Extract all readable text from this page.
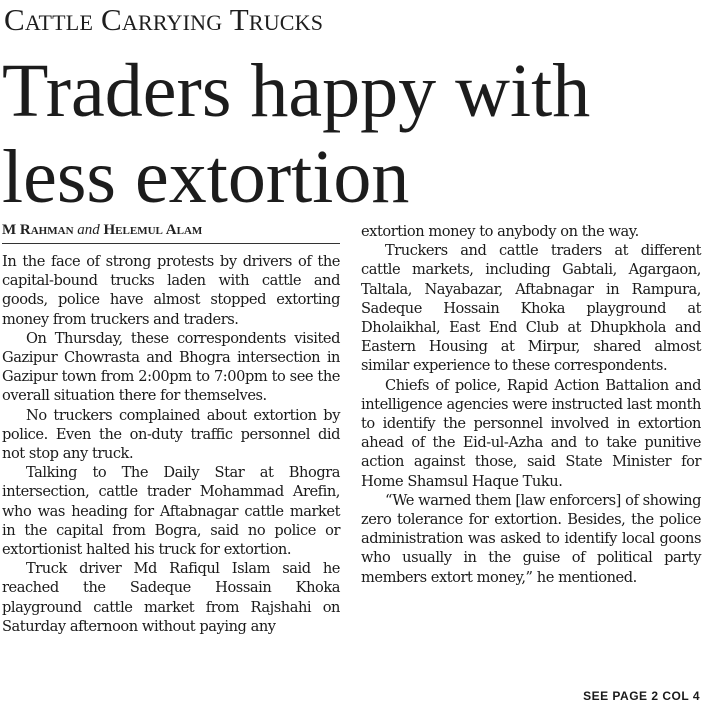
Cattle Carrying Trucks
Traders happy with less extortion
M Rahman and Helemul Alam

In the face of strong protests by drivers of the capital-bound trucks laden with cattle and goods, police have almost stopped extorting money from truckers and traders.

On Thursday, these correspondents visited Gazipur Chowrasta and Bhogra intersection in Gazipur town from 2:00pm to 7:00pm to see the overall situation there for themselves.

No truckers complained about extortion by police. Even the on-duty traffic personnel did not stop any truck.

Talking to The Daily Star at Bhogra intersection, cattle trader Mohammad Arefin, who was heading for Aftabnagar cattle market in the capital from Bogra, said no police or extortionist halted his truck for extortion.

Truck driver Md Rafiqul Islam said he reached the Sadeque Hossain Khoka playground cattle market from Rajshahi on Saturday afternoon without paying any

extortion money to anybody on the way.

Truckers and cattle traders at different cattle markets, including Gabtali, Agargaon, Taltala, Nayabazar, Aftabnagar in Rampura, Sadeque Hossain Khoka playground at Dholaikhal, East End Club at Dhupkhola and Eastern Housing at Mirpur, shared almost similar experience to these correspondents.

Chiefs of police, Rapid Action Battalion and intelligence agencies were instructed last month to identify the personnel involved in extortion ahead of the Eid-ul-Azha and to take punitive action against those, said State Minister for Home Shamsul Haque Tuku.

“We warned them [law enforcers] of showing zero tolerance for extortion. Besides, the police administration was asked to identify local goons who usually in the guise of political party members extort money,” he mentioned.

SEE PAGE 2 COL 4
